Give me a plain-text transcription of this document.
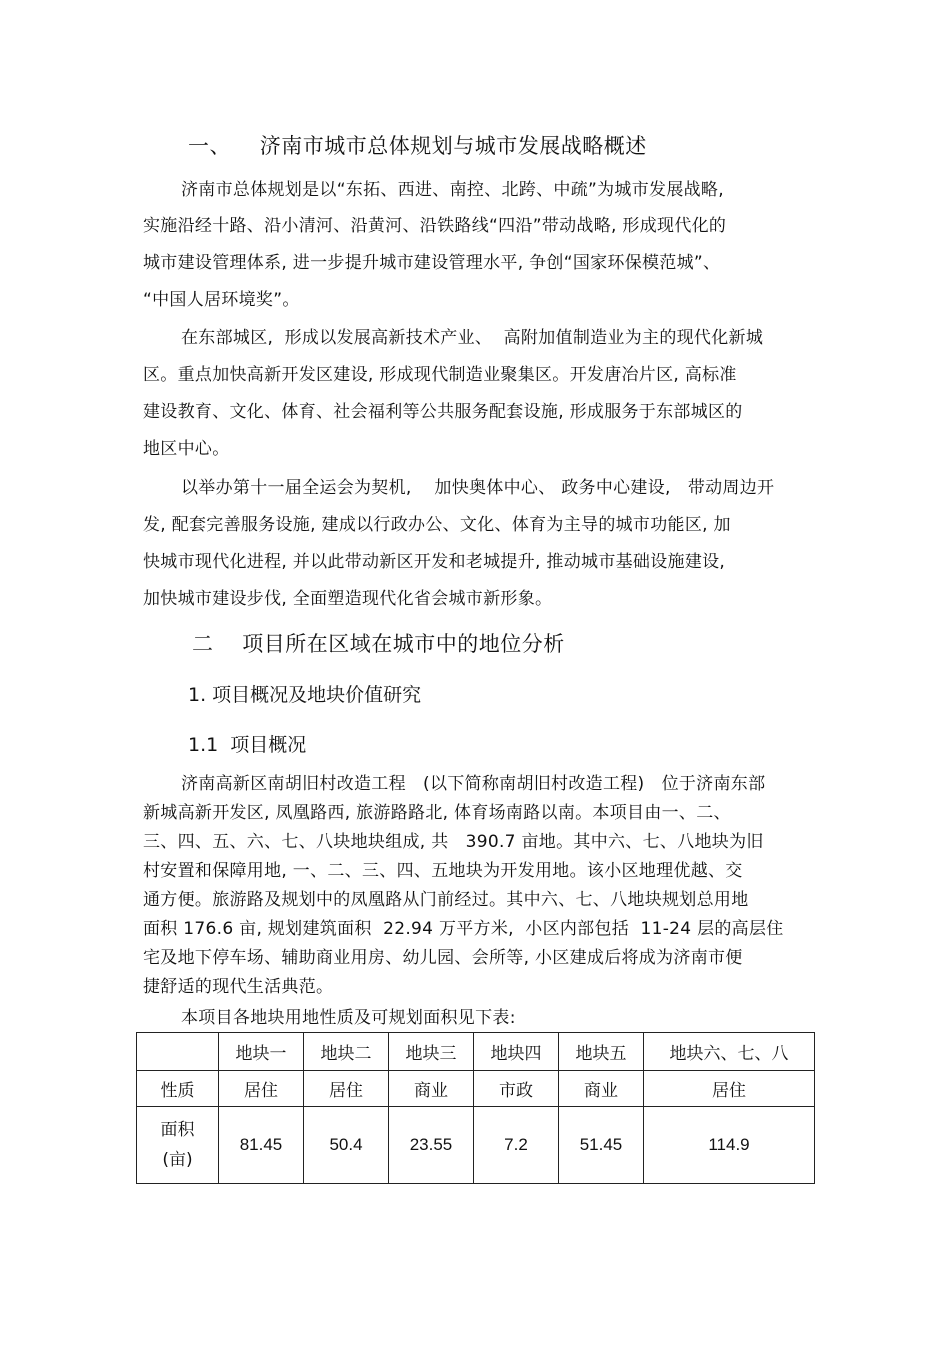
一、    济南市城市总体规划与城市发展战略概述
济南市总体规划是以“东拓、西进、南控、北跨、中疏”为城市发展战略,
实施沿经十路、沿小清河、沿黄河、沿铁路线“四沿”带动战略, 形成现代化的
城市建设管理体系, 进一步提升城市建设管理水平, 争创“国家环保模范城”、
“中国人居环境奖”。
在东部城区,  形成以发展高新技术产业、  高附加值制造业为主的现代化新城
区。重点加快高新开发区建设, 形成现代制造业聚集区。开发唐冶片区, 高标准
建设教育、文化、体育、社会福利等公共服务配套设施, 形成服务于东部城区的
地区中心。
以举办第十一届全运会为契机,    加快奥体中心、 政务中心建设,   带动周边开
发, 配套完善服务设施, 建成以行政办公、文化、体育为主导的城市功能区, 加
快城市现代化进程, 并以此带动新区开发和老城提升, 推动城市基础设施建设,
加快城市建设步伐, 全面塑造现代化省会城市新形象。
二    项目所在区域在城市中的地位分析
1. 项目概况及地块价值研究
1.1  项目概况
济南高新区南胡旧村改造工程   (以下简称南胡旧村改造工程)   位于济南东部
新城高新开发区, 凤凰路西, 旅游路路北, 体育场南路以南。本项目由一、二、
三、四、五、六、七、八块地块组成, 共   390.7 亩地。其中六、七、八地块为旧
村安置和保障用地, 一、二、三、四、五地块为开发用地。该小区地理优越、交
通方便。旅游路及规划中的凤凰路从门前经过。其中六、七、八地块规划总用地
面积 176.6 亩, 规划建筑面积  22.94 万平方米,  小区内部包括  11-24 层的高层住
宅及地下停车场、辅助商业用房、幼儿园、会所等, 小区建成后将成为济南市便
捷舒适的现代生活典范。
本项目各地块用地性质及可规划面积见下表:
	地块一	地块二	地块三	地块四	地块五	地块六、七、八
性质	居住	居住	商业	市政	商业	居住

面积
(亩)	81.45	50.4	23.55	7.2	51.45	114.9
